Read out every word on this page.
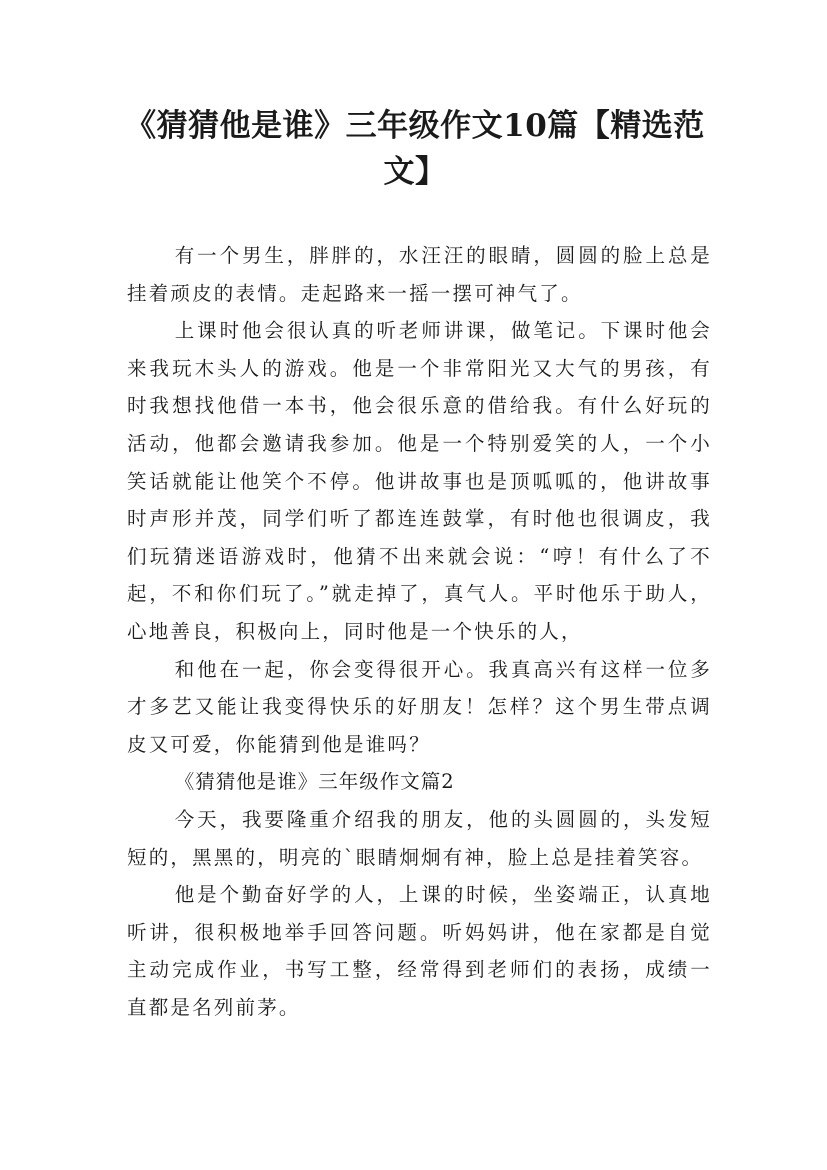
《猜猜他是谁》三年级作文10篇【精选范文】

有一个男生，胖胖的，水汪汪的眼睛，圆圆的脸上总是挂着顽皮的表情。走起路来一摇一摆可神气了。

上课时他会很认真的听老师讲课，做笔记。下课时他会来我玩木头人的游戏。他是一个非常阳光又大气的男孩，有时我想找他借一本书，他会很乐意的借给我。有什么好玩的活动，他都会邀请我参加。他是一个特别爱笑的人，一个小笑话就能让他笑个不停。他讲故事也是顶呱呱的，他讲故事时声形并茂，同学们听了都连连鼓掌，有时他也很调皮，我们玩猜迷语游戏时，他猜不出来就会说：“哼！有什么了不起，不和你们玩了。”就走掉了，真气人。平时他乐于助人，心地善良，积极向上，同时他是一个快乐的人，

和他在一起，你会变得很开心。我真高兴有这样一位多才多艺又能让我变得快乐的好朋友！怎样？这个男生带点调皮又可爱，你能猜到他是谁吗？

《猜猜他是谁》三年级作文篇2

今天，我要隆重介绍我的朋友，他的头圆圆的，头发短短的，黑黑的，明亮的`眼睛炯炯有神，脸上总是挂着笑容。

他是个勤奋好学的人，上课的时候，坐姿端正，认真地听讲，很积极地举手回答问题。听妈妈讲，他在家都是自觉主动完成作业，书写工整，经常得到老师们的表扬，成绩一直都是名列前茅。
